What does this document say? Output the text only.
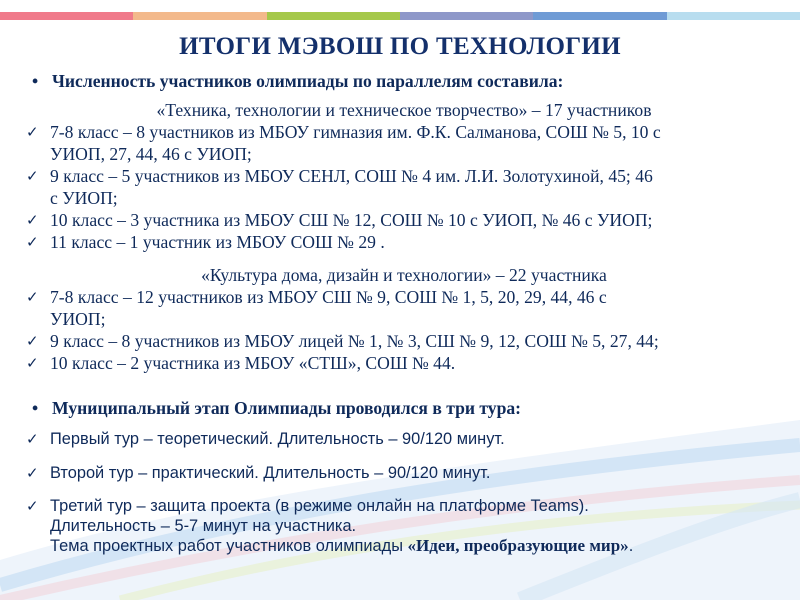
ИТОГИ МЭВОШ ПО ТЕХНОЛОГИИ
• Численность участников олимпиады по параллелям составила:
«Техника, технологии и техническое творчество» – 17 участников
✓ 7-8 класс – 8 участников из МБОУ гимназия им. Ф.К. Салманова, СОШ № 5, 10 с
УИОП, 27, 44, 46 с УИОП;
✓ 9 класс – 5 участников из МБОУ СЕНЛ, СОШ № 4 им. Л.И. Золотухиной, 45; 46
с УИОП;
✓ 10 класс – 3 участника из МБОУ СШ № 12, СОШ № 10 с УИОП, № 46 с УИОП;
✓ 11 класс – 1 участник из МБОУ СОШ № 29 .
«Культура дома, дизайн и технологии» – 22 участника
✓ 7-8 класс – 12 участников из МБОУ СШ № 9, СОШ № 1, 5, 20, 29, 44, 46 с
УИОП;
✓ 9 класс – 8 участников из МБОУ лицей № 1, № 3, СШ № 9, 12, СОШ № 5, 27, 44;
✓ 10 класс – 2 участника из МБОУ «СТШ», СОШ № 44.
• Муниципальный этап Олимпиады проводился в три тура:
✓ Первый тур – теоретический. Длительность – 90/120 минут.
✓ Второй тур – практический. Длительность – 90/120 минут.
✓ Третий тур – защита проекта (в режиме онлайн на платформе Teams).
Длительность – 5-7 минут на участника.
Тема проектных работ участников олимпиады «Идеи, преобразующие мир».
